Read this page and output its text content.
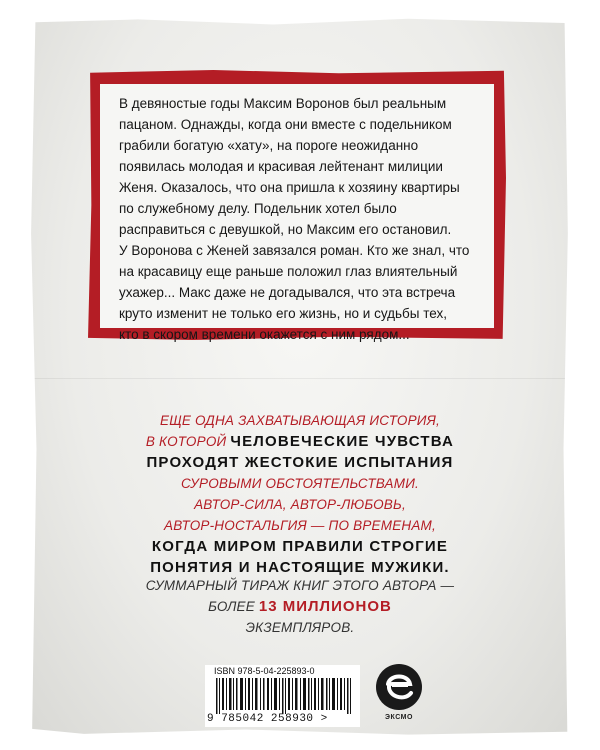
В девяностые годы Максим Воронов был реальным
пацаном. Однажды, когда они вместе с подельником
грабили богатую «хату», на пороге неожиданно
появилась молодая и красивая лейтенант милиции
Женя. Оказалось, что она пришла к хозяину квартиры
по служебному делу. Подельник хотел было
расправиться с девушкой, но Максим его остановил.
У Воронова с Женей завязался роман. Кто же знал, что
на красавицу еще раньше положил глаз влиятельный
ухажер... Макс даже не догадывался, что эта встреча
круто изменит не только его жизнь, но и судьбы тех,
кто в скором времени окажется с ним рядом...

ЕЩЕ ОДНА ЗАХВАТЫВАЮЩАЯ ИСТОРИЯ,
В КОТОРОЙ ЧЕЛОВЕЧЕСКИЕ ЧУВСТВА
ПРОХОДЯТ ЖЕСТОКИЕ ИСПЫТАНИЯ
СУРОВЫМИ ОБСТОЯТЕЛЬСТВАМИ.
АВТОР-СИЛА, АВТОР-ЛЮБОВЬ,
АВТОР-НОСТАЛЬГИЯ — ПО ВРЕМЕНАМ,
КОГДА МИРОМ ПРАВИЛИ СТРОГИЕ
ПОНЯТИЯ И НАСТОЯЩИЕ МУЖИКИ.

СУММАРНЫЙ ТИРАЖ КНИГ ЭТОГО АВТОРА —
БОЛЕЕ 13 МИЛЛИОНОВ
ЭКЗЕМПЛЯРОВ.

ISBN 978-5-04-225893-0
9 785042 258930 >	ЭКСМО
